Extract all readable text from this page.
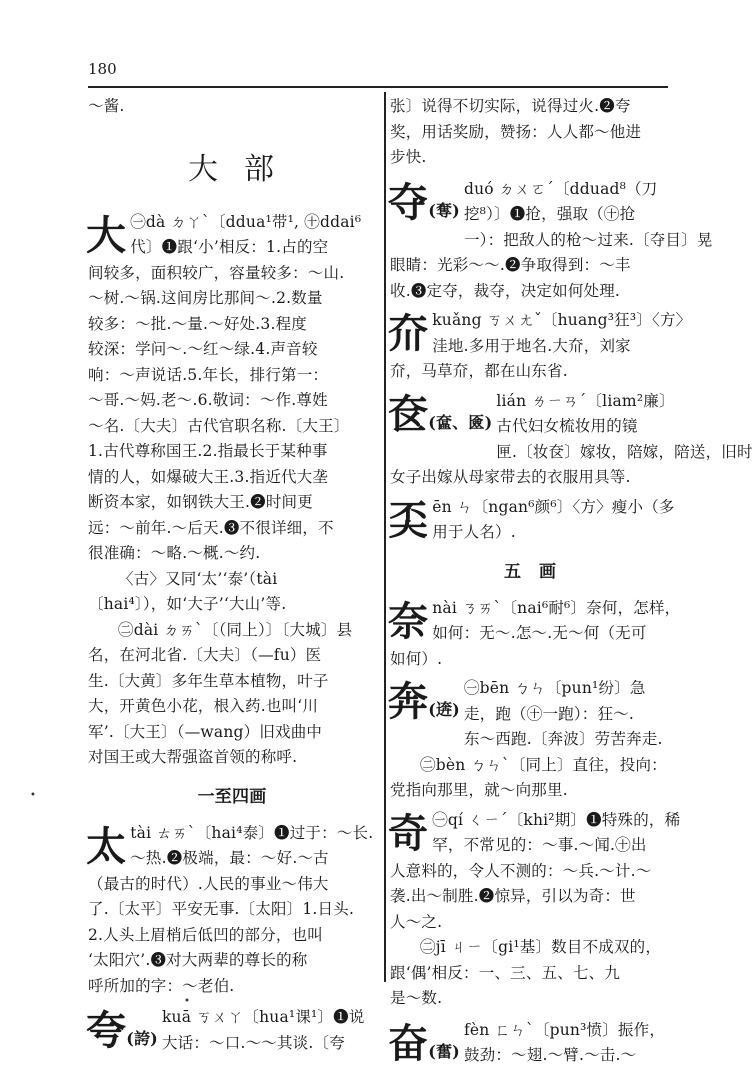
180
～酱.
大部
大 ㊀dà ㄉㄚ`〔ddua¹带¹, ㊉ddai⁶
代〕❶跟‘小’相反：1.占的空
间较多，面积较广，容量较多：～山.
～树.～锅.这间房比那间～.2.数量
较多：～批.～量.～好处.3.程度
较深：学问～.～红～绿.4.声音较
响：～声说话.5.年长，排行第一：
～哥.～妈.老～.6.敬词：～作.尊姓
～名.〔大夫〕古代官职名称.〔大王〕
1.古代尊称国王.2.指最长于某种事
情的人，如爆破大王.3.指近代大垄
断资本家，如钢铁大王.❷时间更
远：～前年.～后天.❸不很详细，不
很准确：～略.～概.～约.
〈古〉又同‘太’‘泰’（tài
〔hai⁴〕），如‘大子’‘大山’等.
㊁dài ㄉㄞ`〔（同上）〕〔大城〕县
名，在河北省.〔大夫〕（—fu）医
生.〔大黄〕多年生草本植物，叶子
大，开黄色小花，根入药.也叫‘川
军’.〔大王〕（—wang）旧戏曲中
对国王或大帮强盗首领的称呼.
一至四画
太 tài ㄊㄞ`〔hai⁴泰〕❶过于：～长.
～热.❷极端，最：～好.～古
（最古的时代）.人民的事业～伟大
了.〔太平〕平安无事.〔太阳〕1.日头.
2.人头上眉梢后低凹的部分，也叫
‘太阳穴’.❸对大两辈的尊长的称
呼所加的字：～老伯.
夸(誇)
kuā ㄎㄨㄚ〔hua¹课¹〕❶说
大话：～口.～～其谈.〔夸
张〕说得不切实际，说得过火.❷夸
奖，用话奖励，赞扬：人人都～他进
步快.
夺(奪)
duó ㄉㄨㄛˊ〔dduad⁸（刀
挖⁸）〕❶抢，强取（㊉抢
一）：把敌人的枪～过来.〔夺目〕晃
眼睛：光彩～～.❷争取得到：～丰
收.❸定夺，裁夺，决定如何处理.
夼 kuǎng ㄎㄨㄤˇ〔huang³狂³〕〈方〉
洼地.多用于地名.大夼，刘家
夼，马草夼，都在山东省.
奁(奩、匳)
lián ㄌㄧㄢˊ〔liam²廉〕
古代妇女梳妆用的镜
匣.〔妆奁〕嫁妆，陪嫁，陪送，旧时
女子出嫁从母家带去的衣服用具等.
奀 ēn ㄣ〔ngan⁶颜⁶〕〈方〉瘦小（多
用于人名）.
五画
奈 nài ㄋㄞ`〔nai⁶耐⁶〕奈何，怎样，
如何：无～.怎～.无～何（无可
如何）.
奔(逩)
㊀bēn ㄅㄣ〔pun¹纷〕急
走，跑（㊉一跑）：狂～.
东～西跑.〔奔波〕劳苦奔走.
㊁bèn ㄅㄣ`〔同上〕直往，投向：
党指向那里，就～向那里.
奇 ㊀qí ㄑㄧˊ〔khi²期〕❶特殊的，稀
罕，不常见的：～事.～闻.㊉出
人意料的，令人不测的：～兵.～计.～
袭.出～制胜.❷惊异，引以为奇：世
人～之.
㊁jī ㄐㄧ〔gi¹基〕数目不成双的，
跟‘偶’相反：一、三、五、七、九
是～数.
奋(奮)
fèn ㄈㄣ`〔pun³愤〕振作，
鼓劲：～翅.～臂.～击.～
•
•
